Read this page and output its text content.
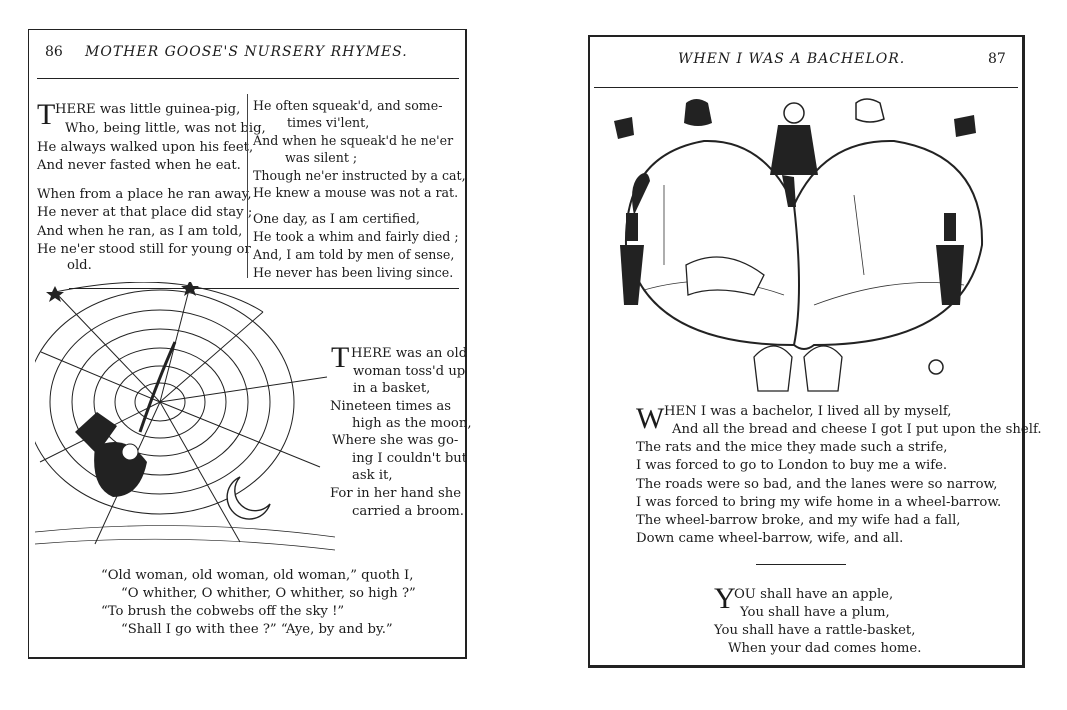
86 MOTHER GOOSE'S NURSERY RHYMES.
T HERE was little guinea-pig,
Who, being little, was not big,
He always walked upon his feet,
And never fasted when he eat.
When from a place he ran away,
He never at that place did stay ;
And when he ran, as I am told,
He ne'er stood still for young or
old.
He often squeak'd, and some-
times vi'lent,
And when he squeak'd he ne'er
was silent ;
Though ne'er instructed by a cat,
He knew a mouse was not a rat.
One day, as I am certified,
He took a whim and fairly died ;
And, I am told by men of sense,
He never has been living since.
T HERE was an old
woman toss'd up
in a basket,
Nineteen times as
high as the moon,
Where she was go-
ing I couldn't but
ask it,
For in her hand she
carried a broom.
“Old woman, old woman, old woman,” quoth I,
“O whither, O whither, O whither, so high ?”
“To brush the cobwebs off the sky !”
“Shall I go with thee ?” “Aye, by and by.”
WHEN I WAS A BACHELOR.	87
W HEN I was a bachelor, I lived all by myself,
And all the bread and cheese I got I put upon the shelf.
The rats and the mice they made such a strife,
I was forced to go to London to buy me a wife.
The roads were so bad, and the lanes were so narrow,
I was forced to bring my wife home in a wheel-barrow.
The wheel-barrow broke, and my wife had a fall,
Down came wheel-barrow, wife, and all.
Y
OU shall have an apple,
You shall have a plum,
You shall have a rattle-basket,
When your dad comes home.
